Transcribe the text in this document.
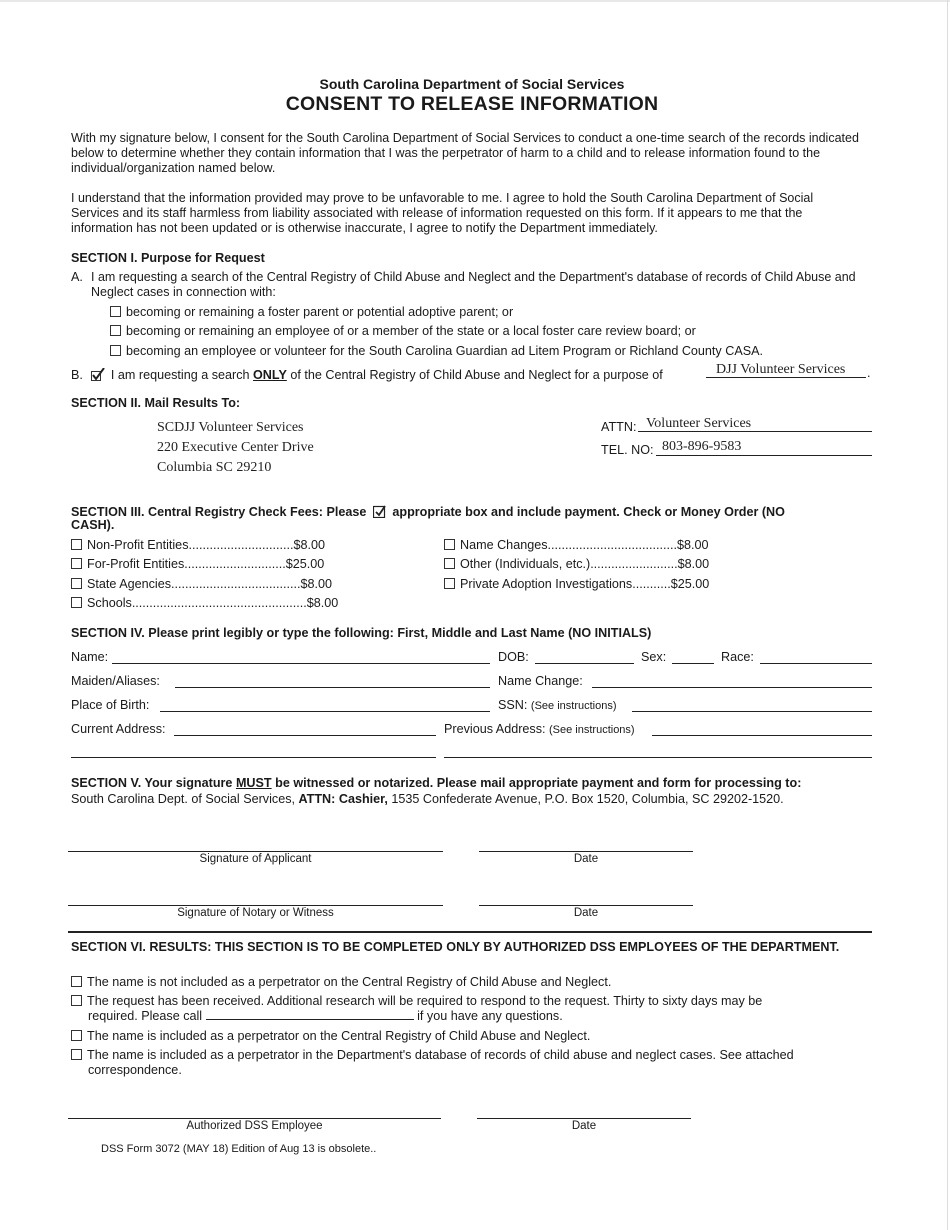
South Carolina Department of Social Services
CONSENT TO RELEASE INFORMATION
With my signature below, I consent for the South Carolina Department of Social Services to conduct a one-time search of the records indicated below to determine whether they contain information that I was the perpetrator of harm to a child and to release information found to the individual/organization named below.
I understand that the information provided may prove to be unfavorable to me. I agree to hold the South Carolina Department of Social Services and its staff harmless from liability associated with release of information requested on this form. If it appears to me that the information has not been updated or is otherwise inaccurate, I agree to notify the Department immediately.
SECTION I. Purpose for Request
A. I am requesting a search of the Central Registry of Child Abuse and Neglect and the Department's database of records of Child Abuse and Neglect cases in connection with:
becoming or remaining a foster parent or potential adoptive parent; or
becoming or remaining an employee of or a member of the state or a local foster care review board; or
becoming an employee or volunteer for the South Carolina Guardian ad Litem Program or Richland County CASA.
B. I am requesting a search ONLY of the Central Registry of Child Abuse and Neglect for a purpose of	DJJ Volunteer Services .
SECTION II. Mail Results To:
SCDJJ Volunteer Services
220 Executive Center Drive
Columbia SC 29210
ATTN: Volunteer Services
TEL. NO: 803-896-9583
SECTION III. Central Registry Check Fees: Please appropriate box and include payment. Check or Money Order (NO
CASH).
Non-Profit Entities..............................$8.00
For-Profit Entities.............................$25.00
State Agencies.....................................$8.00
Schools..................................................$8.00
Name Changes.....................................$8.00
Other (Individuals, etc.).........................$8.00
Private Adoption Investigations...........$25.00
SECTION IV. Please print legibly or type the following: First, Middle and Last Name (NO INITIALS)
Name:	DOB:	Sex:	Race:
Maiden/Aliases:	Name Change:
Place of Birth:	SSN: (See instructions)
Current Address:	Previous Address: (See instructions)
SECTION V. Your signature MUST be witnessed or notarized. Please mail appropriate payment and form for processing to:
South Carolina Dept. of Social Services, ATTN: Cashier, 1535 Confederate Avenue, P.O. Box 1520, Columbia, SC 29202-1520.
Signature of Applicant	Date
Signature of Notary or Witness	Date
SECTION VI. RESULTS: THIS SECTION IS TO BE COMPLETED ONLY BY AUTHORIZED DSS EMPLOYEES OF THE DEPARTMENT.
The name is not included as a perpetrator on the Central Registry of Child Abuse and Neglect.
The request has been received. Additional research will be required to respond to the request. Thirty to sixty days may be
required. Please call	if you have any questions.
The name is included as a perpetrator on the Central Registry of Child Abuse and Neglect.
The name is included as a perpetrator in the Department's database of records of child abuse and neglect cases. See attached correspondence.
Authorized DSS Employee	Date
DSS Form 3072 (MAY 18) Edition of Aug 13 is obsolete..
